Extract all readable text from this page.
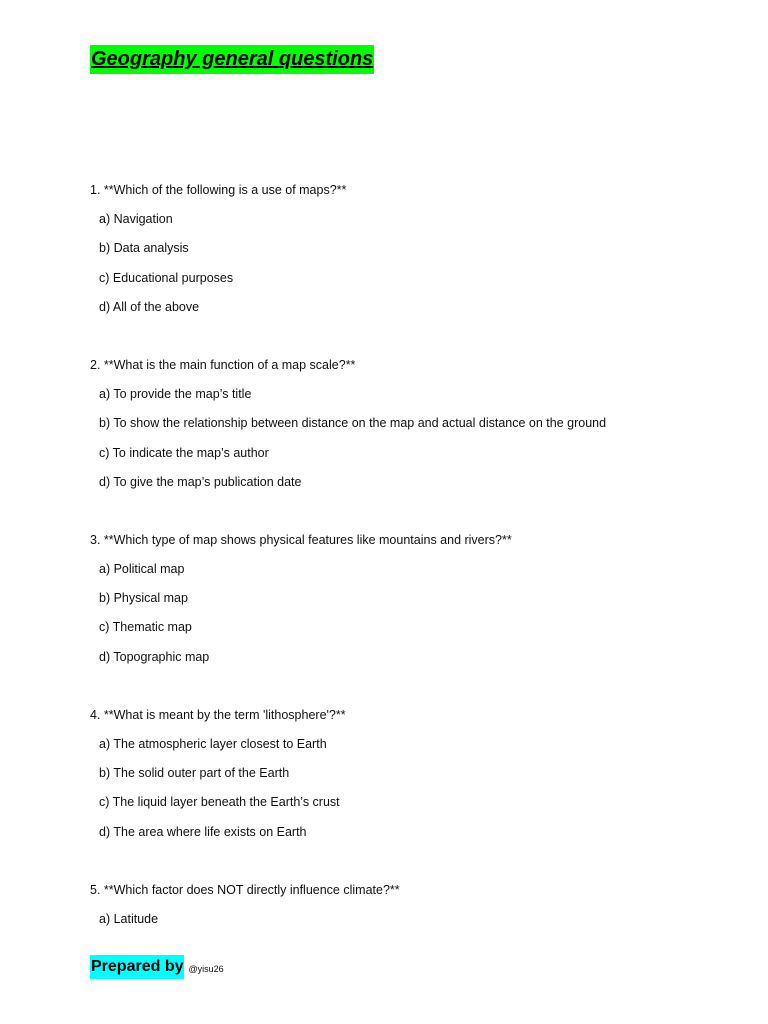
Geography general questions
1. **Which of the following is a use of maps?**
a) Navigation
b) Data analysis
c) Educational purposes
d) All of the above
2. **What is the main function of a map scale?**
a) To provide the map’s title
b) To show the relationship between distance on the map and actual distance on the ground
c) To indicate the map’s author
d) To give the map’s publication date
3. **Which type of map shows physical features like mountains and rivers?**
a) Political map
b) Physical map
c) Thematic map
d) Topographic map
4. **What is meant by the term 'lithosphere'?**
a) The atmospheric layer closest to Earth
b) The solid outer part of the Earth
c) The liquid layer beneath the Earth’s crust
d) The area where life exists on Earth
5. **Which factor does NOT directly influence climate?**
a) Latitude
Prepared by @yisu26
